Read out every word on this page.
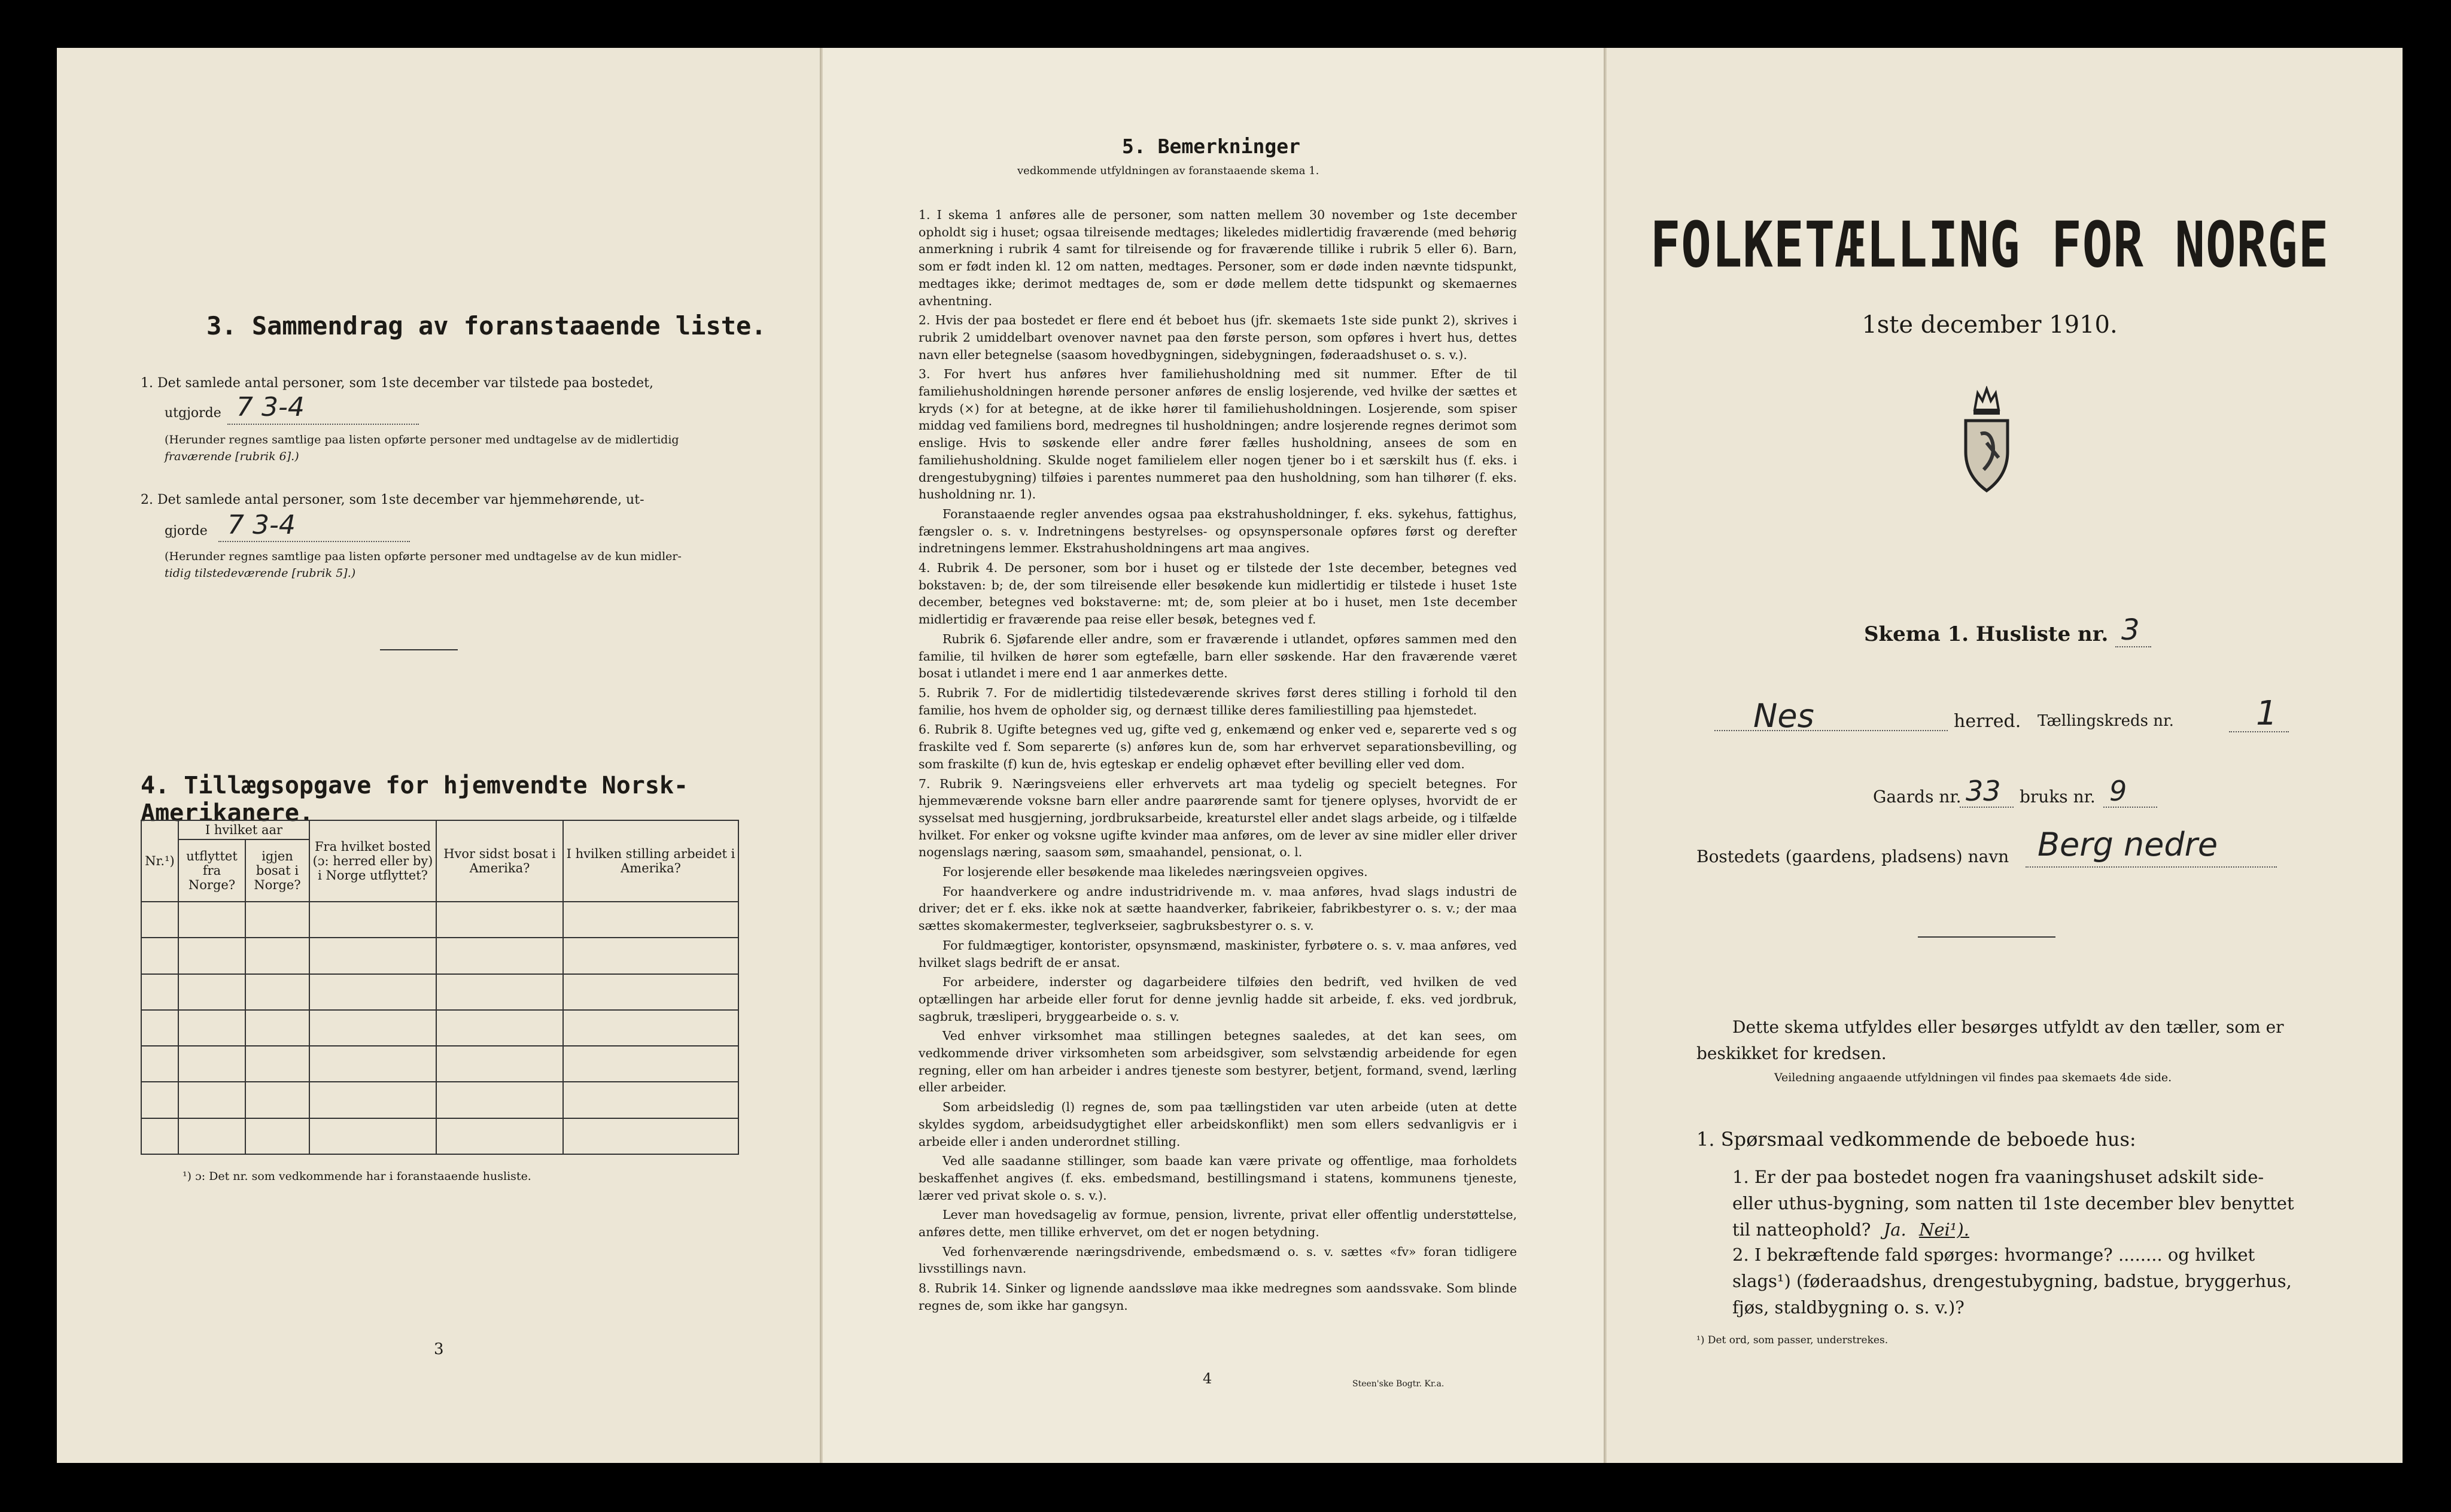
3. Sammendrag av foranstaaende liste.
1. Det samlede antal personer, som 1ste december var tilstede paa bostedet,
utgjorde 7 3-4
(Herunder regnes samtlige paa listen opførte personer med undtagelse av de midlertidig
fraværende [rubrik 6].)
2. Det samlede antal personer, som 1ste december var hjemmehørende, ut-
gjorde 7 3-4
(Herunder regnes samtlige paa listen opførte personer med undtagelse av de kun midler-
tidig tilstedeværende [rubrik 5].)
4. Tillægsopgave for hjemvendte Norsk-Amerikanere.
Nr.¹)	I hvilket aar		Fra hvilket bosted (ɔ: herred eller by) i Norge utflyttet?	Hvor sidst bosat i Amerika?	I hvilken stilling arbeidet i Amerika?
	utflyttet fra Norge?	igjen bosat i Norge?			

¹) ɔ: Det nr. som vedkommende har i foranstaaende husliste.
3
5. Bemerkninger
vedkommende utfyldningen av foranstaaende skema 1.

1. I skema 1 anføres alle de personer, som natten mellem 30 november og 1ste december opholdt sig i huset; ogsaa tilreisende medtages; likeledes midlertidig fraværende (med behørig anmerkning i rubrik 4 samt for tilreisende og for fraværende tillike i rubrik 5 eller 6). Barn, som er født inden kl. 12 om natten, medtages. Personer, som er døde inden nævnte tidspunkt, medtages ikke; derimot medtages de, som er døde mellem dette tidspunkt og skemaernes avhentning.

2. Hvis der paa bostedet er flere end ét beboet hus (jfr. skemaets 1ste side punkt 2), skrives i rubrik 2 umiddelbart ovenover navnet paa den første person, som opføres i hvert hus, dettes navn eller betegnelse (saasom hovedbygningen, sidebygningen, føderaadshuset o. s. v.).

3. For hvert hus anføres hver familiehusholdning med sit nummer. Efter de til familiehusholdningen hørende personer anføres de enslig losjerende, ved hvilke der sættes et kryds (×) for at betegne, at de ikke hører til familiehusholdningen. Losjerende, som spiser middag ved familiens bord, medregnes til husholdningen; andre losjerende regnes derimot som enslige. Hvis to søskende eller andre fører fælles husholdning, ansees de som en familiehusholdning. Skulde noget familielem eller nogen tjener bo i et særskilt hus (f. eks. i drengestubygning) tilføies i parentes nummeret paa den husholdning, som han tilhører (f. eks. husholdning nr. 1).

Foranstaaende regler anvendes ogsaa paa ekstrahusholdninger, f. eks. sykehus, fattighus, fængsler o. s. v. Indretningens bestyrelses- og opsynspersonale opføres først og derefter indretningens lemmer. Ekstrahusholdningens art maa angives.

4. Rubrik 4. De personer, som bor i huset og er tilstede der 1ste december, betegnes ved bokstaven: b; de, der som tilreisende eller besøkende kun midlertidig er tilstede i huset 1ste december, betegnes ved bokstaverne: mt; de, som pleier at bo i huset, men 1ste december midlertidig er fraværende paa reise eller besøk, betegnes ved f.

Rubrik 6. Sjøfarende eller andre, som er fraværende i utlandet, opføres sammen med den familie, til hvilken de hører som egtefælle, barn eller søskende. Har den fraværende været bosat i utlandet i mere end 1 aar anmerkes dette.

5. Rubrik 7. For de midlertidig tilstedeværende skrives først deres stilling i forhold til den familie, hos hvem de opholder sig, og dernæst tillike deres familiestilling paa hjemstedet.

6. Rubrik 8. Ugifte betegnes ved ug, gifte ved g, enkemænd og enker ved e, separerte ved s og fraskilte ved f. Som separerte (s) anføres kun de, som har erhvervet separationsbevilling, og som fraskilte (f) kun de, hvis egteskap er endelig ophævet efter bevilling eller ved dom.

7. Rubrik 9. Næringsveiens eller erhvervets art maa tydelig og specielt betegnes. For hjemmeværende voksne barn eller andre paarørende samt for tjenere oplyses, hvorvidt de er sysselsat med husgjerning, jordbruksarbeide, kreaturstel eller andet slags arbeide, og i tilfælde hvilket. For enker og voksne ugifte kvinder maa anføres, om de lever av sine midler eller driver nogenslags næring, saasom søm, smaahandel, pensionat, o. l.

For losjerende eller besøkende maa likeledes næringsveien opgives.

For haandverkere og andre industridrivende m. v. maa anføres, hvad slags industri de driver; det er f. eks. ikke nok at sætte haandverker, fabrikeier, fabrikbestyrer o. s. v.; der maa sættes skomakermester, teglverkseier, sagbruksbestyrer o. s. v.

For fuldmægtiger, kontorister, opsynsmænd, maskinister, fyrbøtere o. s. v. maa anføres, ved hvilket slags bedrift de er ansat.

For arbeidere, inderster og dagarbeidere tilføies den bedrift, ved hvilken de ved optællingen har arbeide eller forut for denne jevnlig hadde sit arbeide, f. eks. ved jordbruk, sagbruk, træsliperi, bryggearbeide o. s. v.

Ved enhver virksomhet maa stillingen betegnes saaledes, at det kan sees, om vedkommende driver virksomheten som arbeidsgiver, som selvstændig arbeidende for egen regning, eller om han arbeider i andres tjeneste som bestyrer, betjent, formand, svend, lærling eller arbeider.

Som arbeidsledig (l) regnes de, som paa tællingstiden var uten arbeide (uten at dette skyldes sygdom, arbeidsudygtighet eller arbeidskonflikt) men som ellers sedvanligvis er i arbeide eller i anden underordnet stilling.

Ved alle saadanne stillinger, som baade kan være private og offentlige, maa forholdets beskaffenhet angives (f. eks. embedsmand, bestillingsmand i statens, kommunens tjeneste, lærer ved privat skole o. s. v.).

Lever man hovedsagelig av formue, pension, livrente, privat eller offentlig understøttelse, anføres dette, men tillike erhvervet, om det er nogen betydning.

Ved forhenværende næringsdrivende, embedsmænd o. s. v. sættes «fv» foran tidligere livsstillings navn.

8. Rubrik 14. Sinker og lignende aandssløve maa ikke medregnes som aandssvake. Som blinde regnes de, som ikke har gangsyn.

4	Steen'ske Bogtr. Kr.a.
FOLKETÆLLING FOR NORGE
1ste december 1910.
Skema 1. Husliste nr. 3
Nes	herred. Tællingskreds nr. 1
Gaards nr. 33 bruks nr. 9
Bostedets (gaardens, pladsens) navn Berg nedre
Dette skema utfyldes eller besørges utfyldt av den tæller, som er beskikket for kredsen.
Veiledning angaaende utfyldningen vil findes paa skemaets 4de side.
1. Spørsmaal vedkommende de beboede hus:
1. Er der paa bostedet nogen fra vaaningshuset adskilt side- eller uthus-bygning, som natten til 1ste december blev benyttet til natteophold? Ja. Nei¹).
2. I bekræftende fald spørges: hvormange? ........ og hvilket slags¹) (føderaadshus, drengestubygning, badstue, bryggerhus, fjøs, staldbygning o. s. v.)?
¹) Det ord, som passer, understrekes.
